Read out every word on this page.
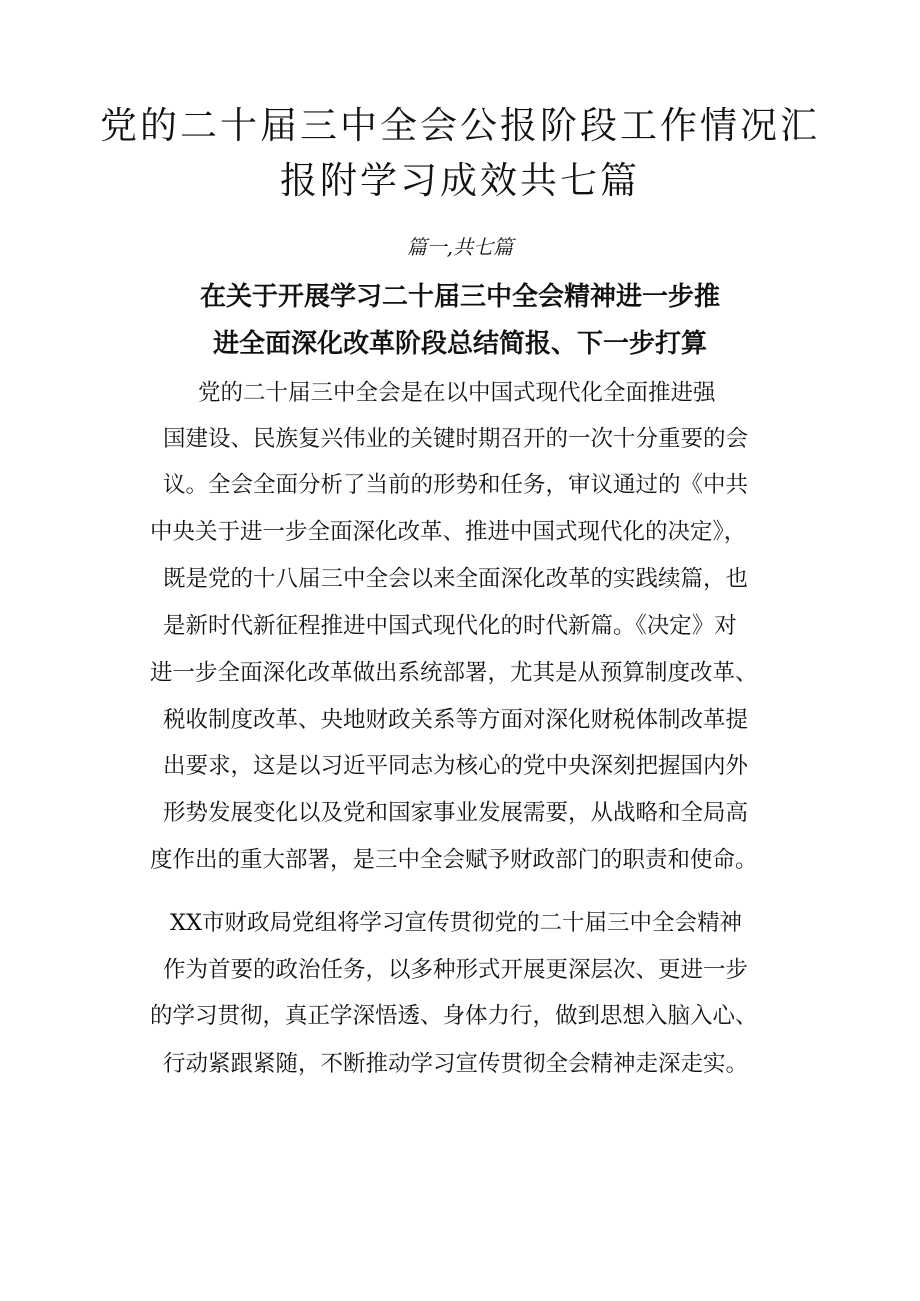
党的二十届三中全会公报阶段工作情况汇
报附学习成效共七篇

篇一,共七篇

在关于开展学习二十届三中全会精神进一步推
进全面深化改革阶段总结简报、下一步打算

党的二十届三中全会是在以中国式现代化全面推进强

国建设、民族复兴伟业的关键时期召开的一次十分重要的会

议。全会全面分析了当前的形势和任务，审议通过的《中共

中央关于进一步全面深化改革、推进中国式现代化的决定》，

既是党的十八届三中全会以来全面深化改革的实践续篇，也

是新时代新征程推进中国式现代化的时代新篇。《决定》对

进一步全面深化改革做出系统部署，尤其是从预算制度改革、

税收制度改革、央地财政关系等方面对深化财税体制改革提

出要求，这是以习近平同志为核心的党中央深刻把握国内外

形势发展变化以及党和国家事业发展需要，从战略和全局高

度作出的重大部署，是三中全会赋予财政部门的职责和使命。

XX市财政局党组将学习宣传贯彻党的二十届三中全会精神

作为首要的政治任务，以多种形式开展更深层次、更进一步

的学习贯彻，真正学深悟透、身体力行，做到思想入脑入心、

行动紧跟紧随，不断推动学习宣传贯彻全会精神走深走实。
